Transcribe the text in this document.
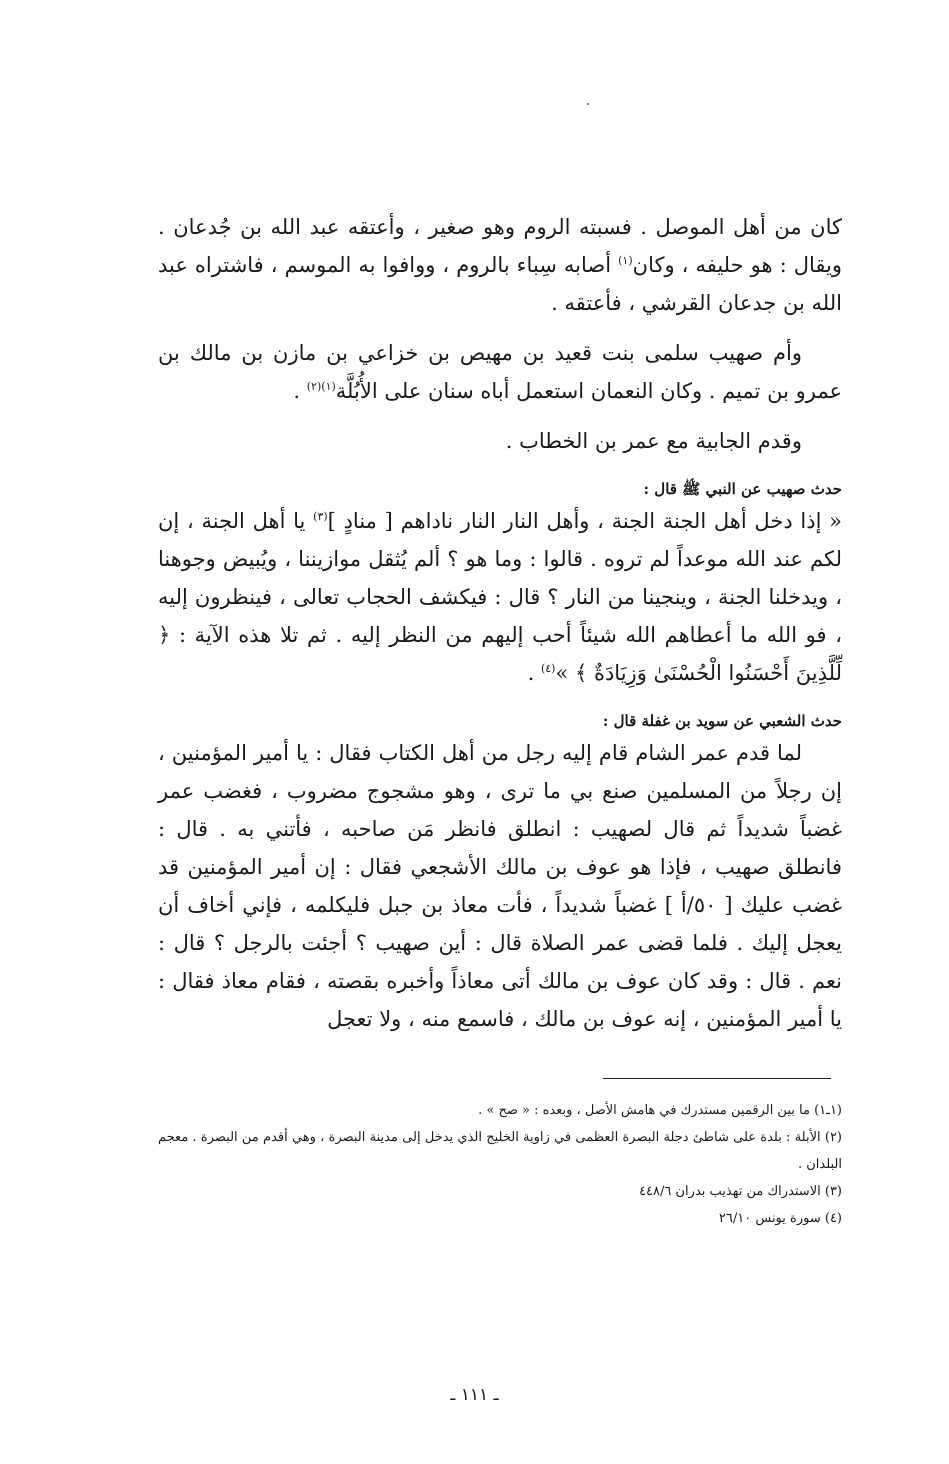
كان من أهل الموصل . فسبته الروم وهو صغير ، وأعتقه عبد الله بن جُدعان . ويقال : هو حليفه ، وكان$^{(١)}$ أصابه سِباء بالروم ، ووافوا به الموسم ، فاشتراه عبد الله بن جدعان القرشي ، فأعتقه .

وأم صهيب سلمى بنت قعيد بن مهيص بن خزاعي بن مازن بن مالك بن عمرو بن تميم . وكان النعمان استعمل أباه سنان على الأُبُلَّة$^{(١)(٢)}$ .

وقدم الجابية مع عمر بن الخطاب .

حدث صهيب عن النبي ﷺ قال :

« إذا دخل أهل الجنة الجنة ، وأهل النار النار ناداهم [ منادٍ ]$^{(٣)}$ يا أهل الجنة ، إن لكم عند الله موعداً لم تروه . قالوا : وما هو ؟ ألم يُثقل موازيننا ، ويُبيض وجوهنا ، ويدخلنا الجنة ، وينجينا من النار ؟ قال : فيكشف الحجاب تعالى ، فينظرون إليه ، فو الله ما أعطاهم الله شيئاً أحب إليهم من النظر إليه . ثم تلا هذه الآية : ﴿ لِّلَّذِينَ أَحْسَنُوا الْحُسْنَىٰ وَزِيَادَةٌ ﴾ »$^{(٤)}$ .

حدث الشعبي عن سويد بن غفلة قال :

لما قدم عمر الشام قام إليه رجل من أهل الكتاب فقال : يا أمير المؤمنين ، إن رجلاً من المسلمين صنع بي ما ترى ، وهو مشجوج مضروب ، فغضب عمر غضباً شديداً ثم قال لصهيب : انطلق فانظر مَن صاحبه ، فأتني به . قال : فانطلق صهيب ، فإذا هو عوف بن مالك الأشجعي فقال : إن أمير المؤمنين قد غضب عليك [ ٥٠/أ ] غضباً شديداً ، فأت معاذ بن جبل فليكلمه ، فإني أخاف أن يعجل إليك . فلما قضى عمر الصلاة قال : أين صهيب ؟ أجئت بالرجل ؟ قال : نعم . قال : وقد كان عوف بن مالك أتى معاذاً وأخبره بقصته ، فقام معاذ فقال : يا أمير المؤمنين ، إنه عوف بن مالك ، فاسمع منه ، ولا تعجل

(١ـ١) ما بين الرقمين مستدرك في هامش الأصل ، وبعده : « صح » .

(٢) الأبلة : بلدة على شاطئ دجلة البصرة العظمى في زاوية الخليج الذي يدخل إلى مدينة البصرة ، وهي أقدم من البصرة . معجم البلدان .

(٣) الاستدراك من تهذيب بدران ٤٤٨/٦

(٤) سورة يونس ٢٦/١٠

ـ ١١١ ـ
